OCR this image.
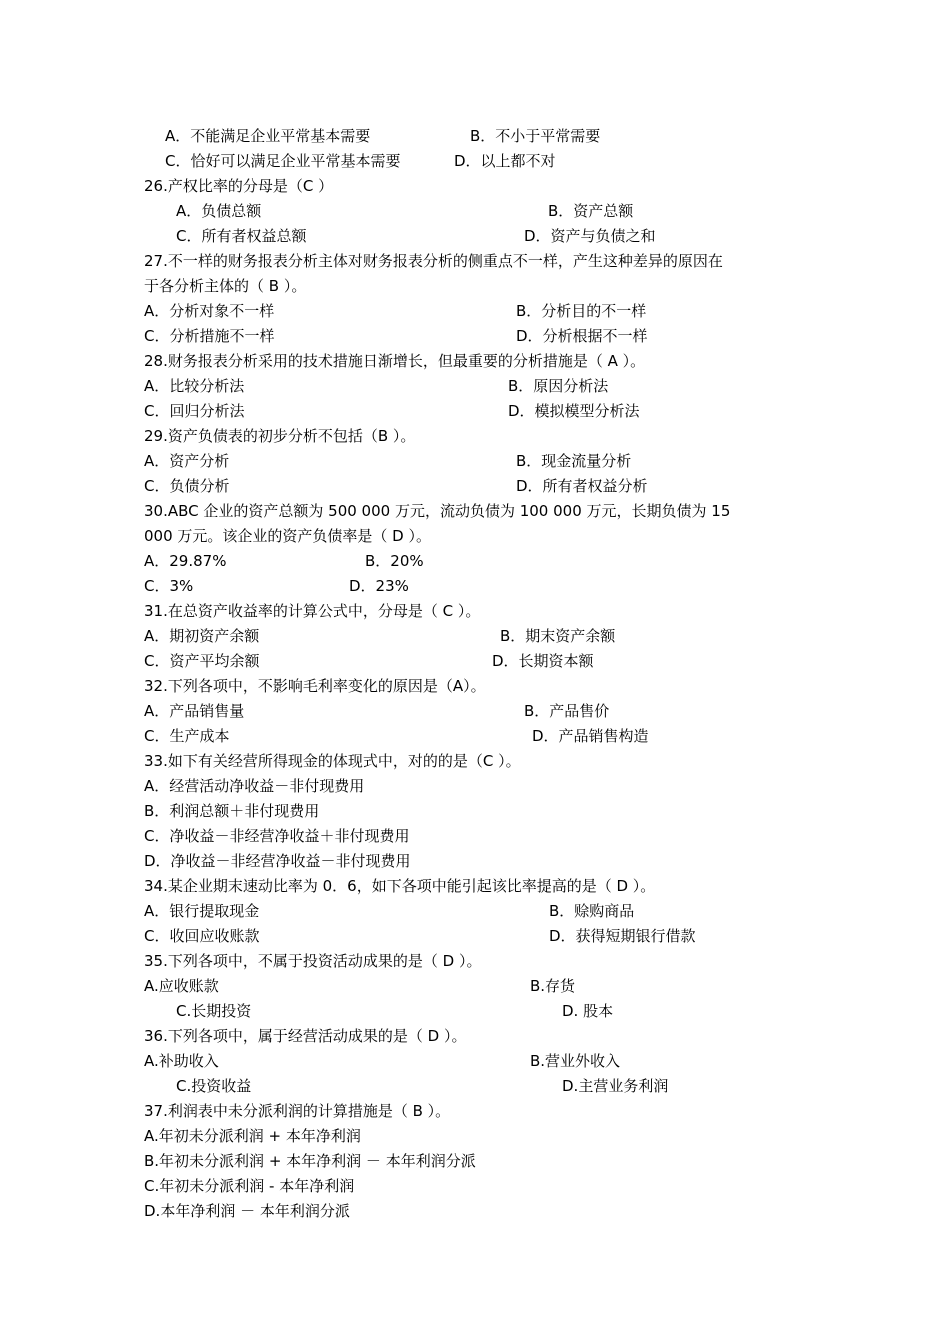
A．不能满足企业平常基本需要	B．不小于平常需要
C．恰好可以满足企业平常基本需要	D．以上都不对
26.产权比率的分母是（C ）
A．负债总额	B．资产总额
C．所有者权益总额	D．资产与负债之和
27.不一样的财务报表分析主体对财务报表分析的侧重点不一样，产生这种差异的原因在
于各分析主体的（ B ）。
A．分析对象不一样	B．分析目的不一样
C．分析措施不一样	D．分析根据不一样
28.财务报表分析采用的技术措施日渐增长，但最重要的分析措施是（ A ）。
A．比较分析法	B．原因分析法
C．回归分析法	D．模拟模型分析法
29.资产负债表的初步分析不包括（B ）。
A．资产分析	B．现金流量分析
C．负债分析	D．所有者权益分析
30.ABC 企业的资产总额为 500 000 万元，流动负债为 100 000 万元，长期负债为 15
000 万元。该企业的资产负债率是（ D ）。
A．29.87%	B．20%
C．3%	D．23%
31.在总资产收益率的计算公式中，分母是（ C ）。
A．期初资产余额	B．期末资产余额
C．资产平均余额	D．长期资本额
32.下列各项中，不影响毛利率变化的原因是（A）。
A．产品销售量	B．产品售价
C．生产成本	D．产品销售构造
33.如下有关经营所得现金的体现式中，对的的是（C ）。
A．经营活动净收益－非付现费用
B．利润总额＋非付现费用
C．净收益－非经营净收益＋非付现费用
D．净收益－非经营净收益－非付现费用
34.某企业期末速动比率为 0．6，如下各项中能引起该比率提高的是（ D ）。
A．银行提取现金	B．赊购商品
C．收回应收账款	D．获得短期银行借款
35.下列各项中，不属于投资活动成果的是（ D ）。
A.应收账款	B.存货
C.长期投资	D. 股本
36.下列各项中，属于经营活动成果的是（ D ）。
A.补助收入	B.营业外收入
C.投资收益	D.主营业务利润
37.利润表中未分派利润的计算措施是（ B ）。
A.年初未分派利润 + 本年净利润
B.年初未分派利润 + 本年净利润 － 本年利润分派
C.年初未分派利润 - 本年净利润
D.本年净利润 － 本年利润分派
